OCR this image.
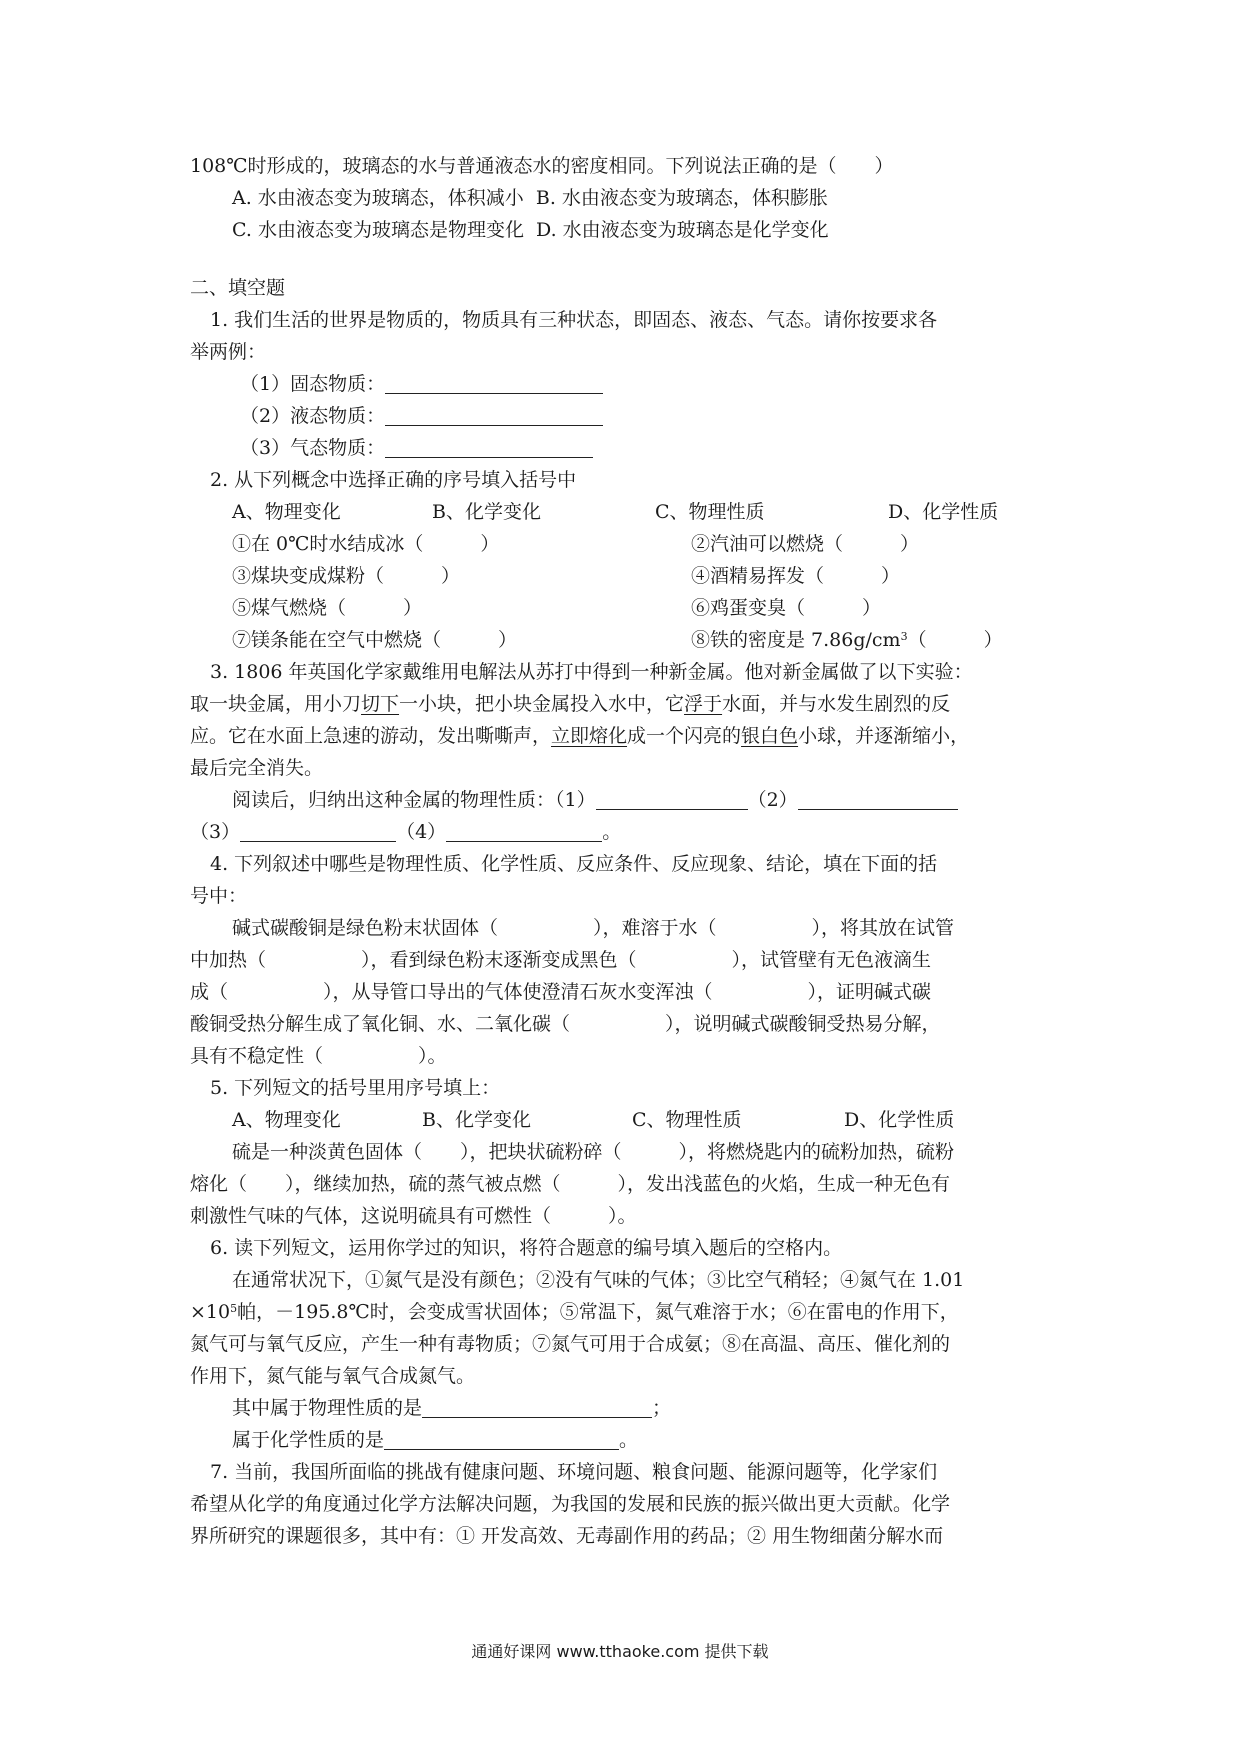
108℃时形成的，玻璃态的水与普通液态水的密度相同。下列说法正确的是（　　）
A. 水由液态变为玻璃态，体积减小  B. 水由液态变为玻璃态，体积膨胀
C. 水由液态变为玻璃态是物理变化  D. 水由液态变为玻璃态是化学变化
二、填空题
1. 我们生活的世界是物质的，物质具有三种状态，即固态、液态、气态。请你按要求各
举两例：
（1）固态物质：
（2）液态物质：
（3）气态物质：
2. 从下列概念中选择正确的序号填入括号中
A、物理变化	B、化学变化	C、物理性质	D、化学性质
①在 0℃时水结成冰（　　　）	②汽油可以燃烧（　　　）
③煤块变成煤粉（　　　）	④酒精易挥发（　　　）
⑤煤气燃烧（　　　）	⑥鸡蛋变臭（　　　）
⑦镁条能在空气中燃烧（　　　）	⑧铁的密度是 $7.86g/cm^3$（　　　）
3. 1806 年英国化学家戴维用电解法从苏打中得到一种新金属。他对新金属做了以下实验：
取一块金属，用小刀切下一小块，把小块金属投入水中，它浮于水面，并与水发生剧烈的反
应。它在水面上急速的游动，发出嘶嘶声，立即熔化成一个闪亮的银白色小球，并逐渐缩小，
最后完全消失。
阅读后，归纳出这种金属的物理性质：（1）	（2）
（3）	（4）	。
4. 下列叙述中哪些是物理性质、化学性质、反应条件、反应现象、结论，填在下面的括
号中：
碱式碳酸铜是绿色粉末状固体（　　　　　），难溶于水（　　　　　），将其放在试管
中加热（　　　　　），看到绿色粉末逐渐变成黑色（　　　　　），试管壁有无色液滴生
成（　　　　　），从导管口导出的气体使澄清石灰水变浑浊（　　　　　），证明碱式碳
酸铜受热分解生成了氧化铜、水、二氧化碳（　　　　　），说明碱式碳酸铜受热易分解，
具有不稳定性（　　　　　）。
5. 下列短文的括号里用序号填上：
A、物理变化	B、化学变化	C、物理性质	D、化学性质
硫是一种淡黄色固体（　　），把块状硫粉碎（　　　），将燃烧匙内的硫粉加热，硫粉
熔化（　　），继续加热，硫的蒸气被点燃（　　　），发出浅蓝色的火焰，生成一种无色有
刺激性气味的气体，这说明硫具有可燃性（　　　）。
6. 读下列短文，运用你学过的知识，将符合题意的编号填入题后的空格内。
在通常状况下，①氮气是没有颜色；②没有气味的气体；③比空气稍轻；④氮气在 1.01
$\times 10^5$帕，－195.8℃时，会变成雪状固体；⑤常温下，氮气难溶于水；⑥在雷电的作用下，
氮气可与氧气反应，产生一种有毒物质；⑦氮气可用于合成氨；⑧在高温、高压、催化剂的
作用下，氮气能与氧气合成氮气。
其中属于物理性质的是	；
属于化学性质的是	。
7. 当前，我国所面临的挑战有健康问题、环境问题、粮食问题、能源问题等，化学家们
希望从化学的角度通过化学方法解决问题，为我国的发展和民族的振兴做出更大贡献。化学
界所研究的课题很多，其中有：① 开发高效、无毒副作用的药品；② 用生物细菌分解水而
通通好课网 www.tthaoke.com 提供下载
